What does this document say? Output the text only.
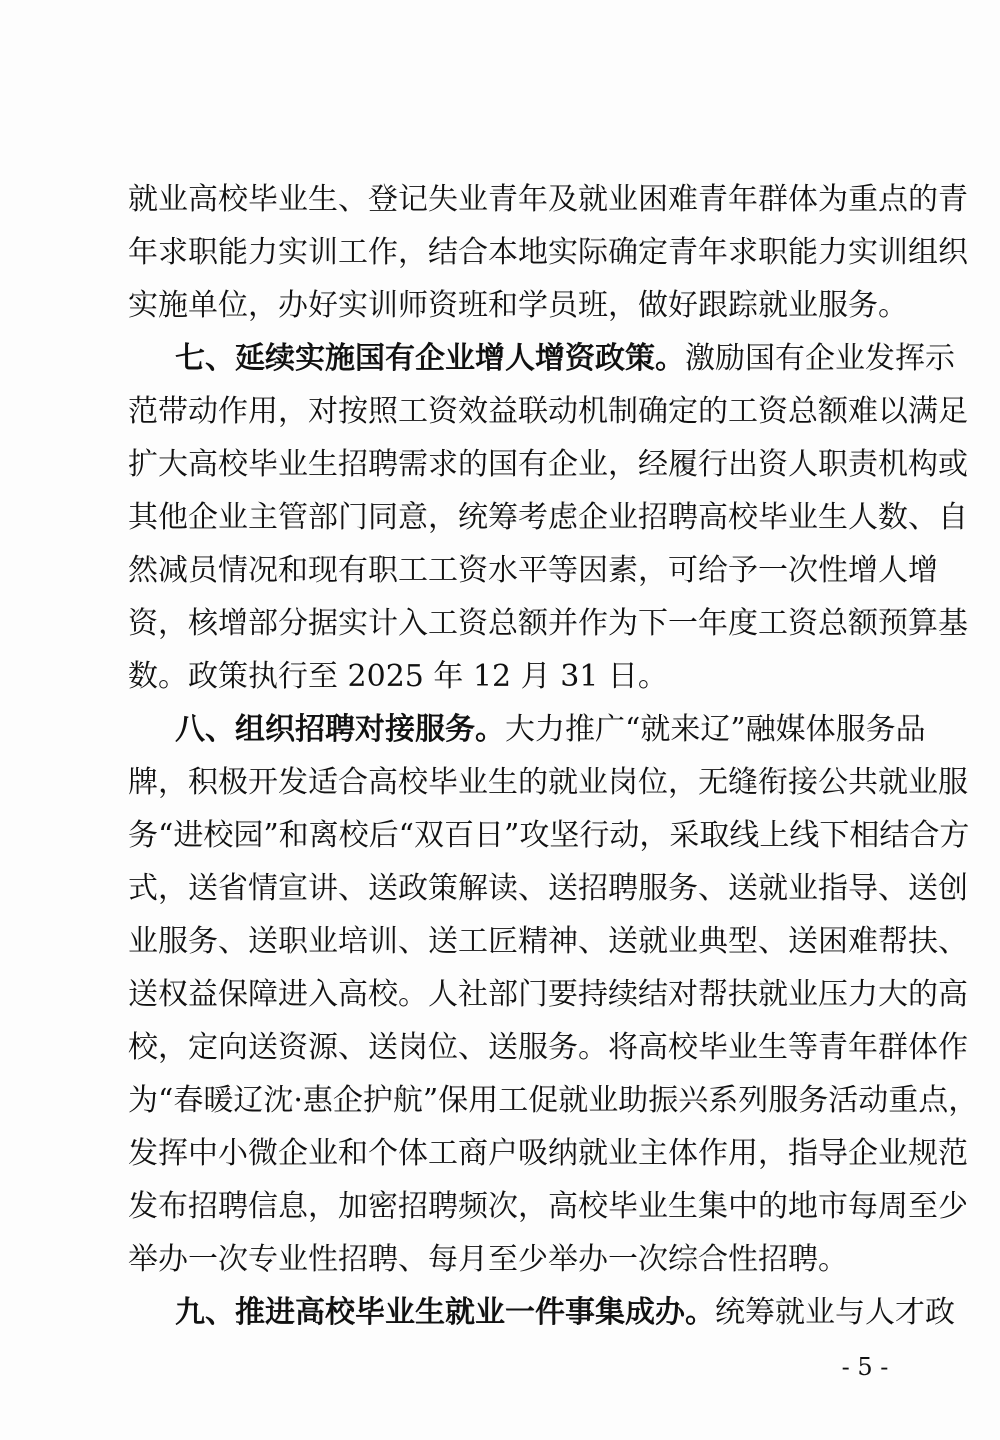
就业高校毕业生、登记失业青年及就业困难青年群体为重点的青
年求职能力实训工作，结合本地实际确定青年求职能力实训组织
实施单位，办好实训师资班和学员班，做好跟踪就业服务。
七、延续实施国有企业增人增资政策。激励国有企业发挥示
范带动作用，对按照工资效益联动机制确定的工资总额难以满足
扩大高校毕业生招聘需求的国有企业，经履行出资人职责机构或
其他企业主管部门同意，统筹考虑企业招聘高校毕业生人数、自
然减员情况和现有职工工资水平等因素，可给予一次性增人增
资，核增部分据实计入工资总额并作为下一年度工资总额预算基
数。政策执行至 2025 年 12 月 31 日。
八、组织招聘对接服务。大力推广“就来辽”融媒体服务品
牌，积极开发适合高校毕业生的就业岗位，无缝衔接公共就业服
务“进校园”和离校后“双百日”攻坚行动，采取线上线下相结合方
式，送省情宣讲、送政策解读、送招聘服务、送就业指导、送创
业服务、送职业培训、送工匠精神、送就业典型、送困难帮扶、
送权益保障进入高校。人社部门要持续结对帮扶就业压力大的高
校，定向送资源、送岗位、送服务。将高校毕业生等青年群体作
为“春暖辽沈·惠企护航”保用工促就业助振兴系列服务活动重点，
发挥中小微企业和个体工商户吸纳就业主体作用，指导企业规范
发布招聘信息，加密招聘频次，高校毕业生集中的地市每周至少
举办一次专业性招聘、每月至少举办一次综合性招聘。
九、推进高校毕业生就业一件事集成办。统筹就业与人才政
- 5 -
